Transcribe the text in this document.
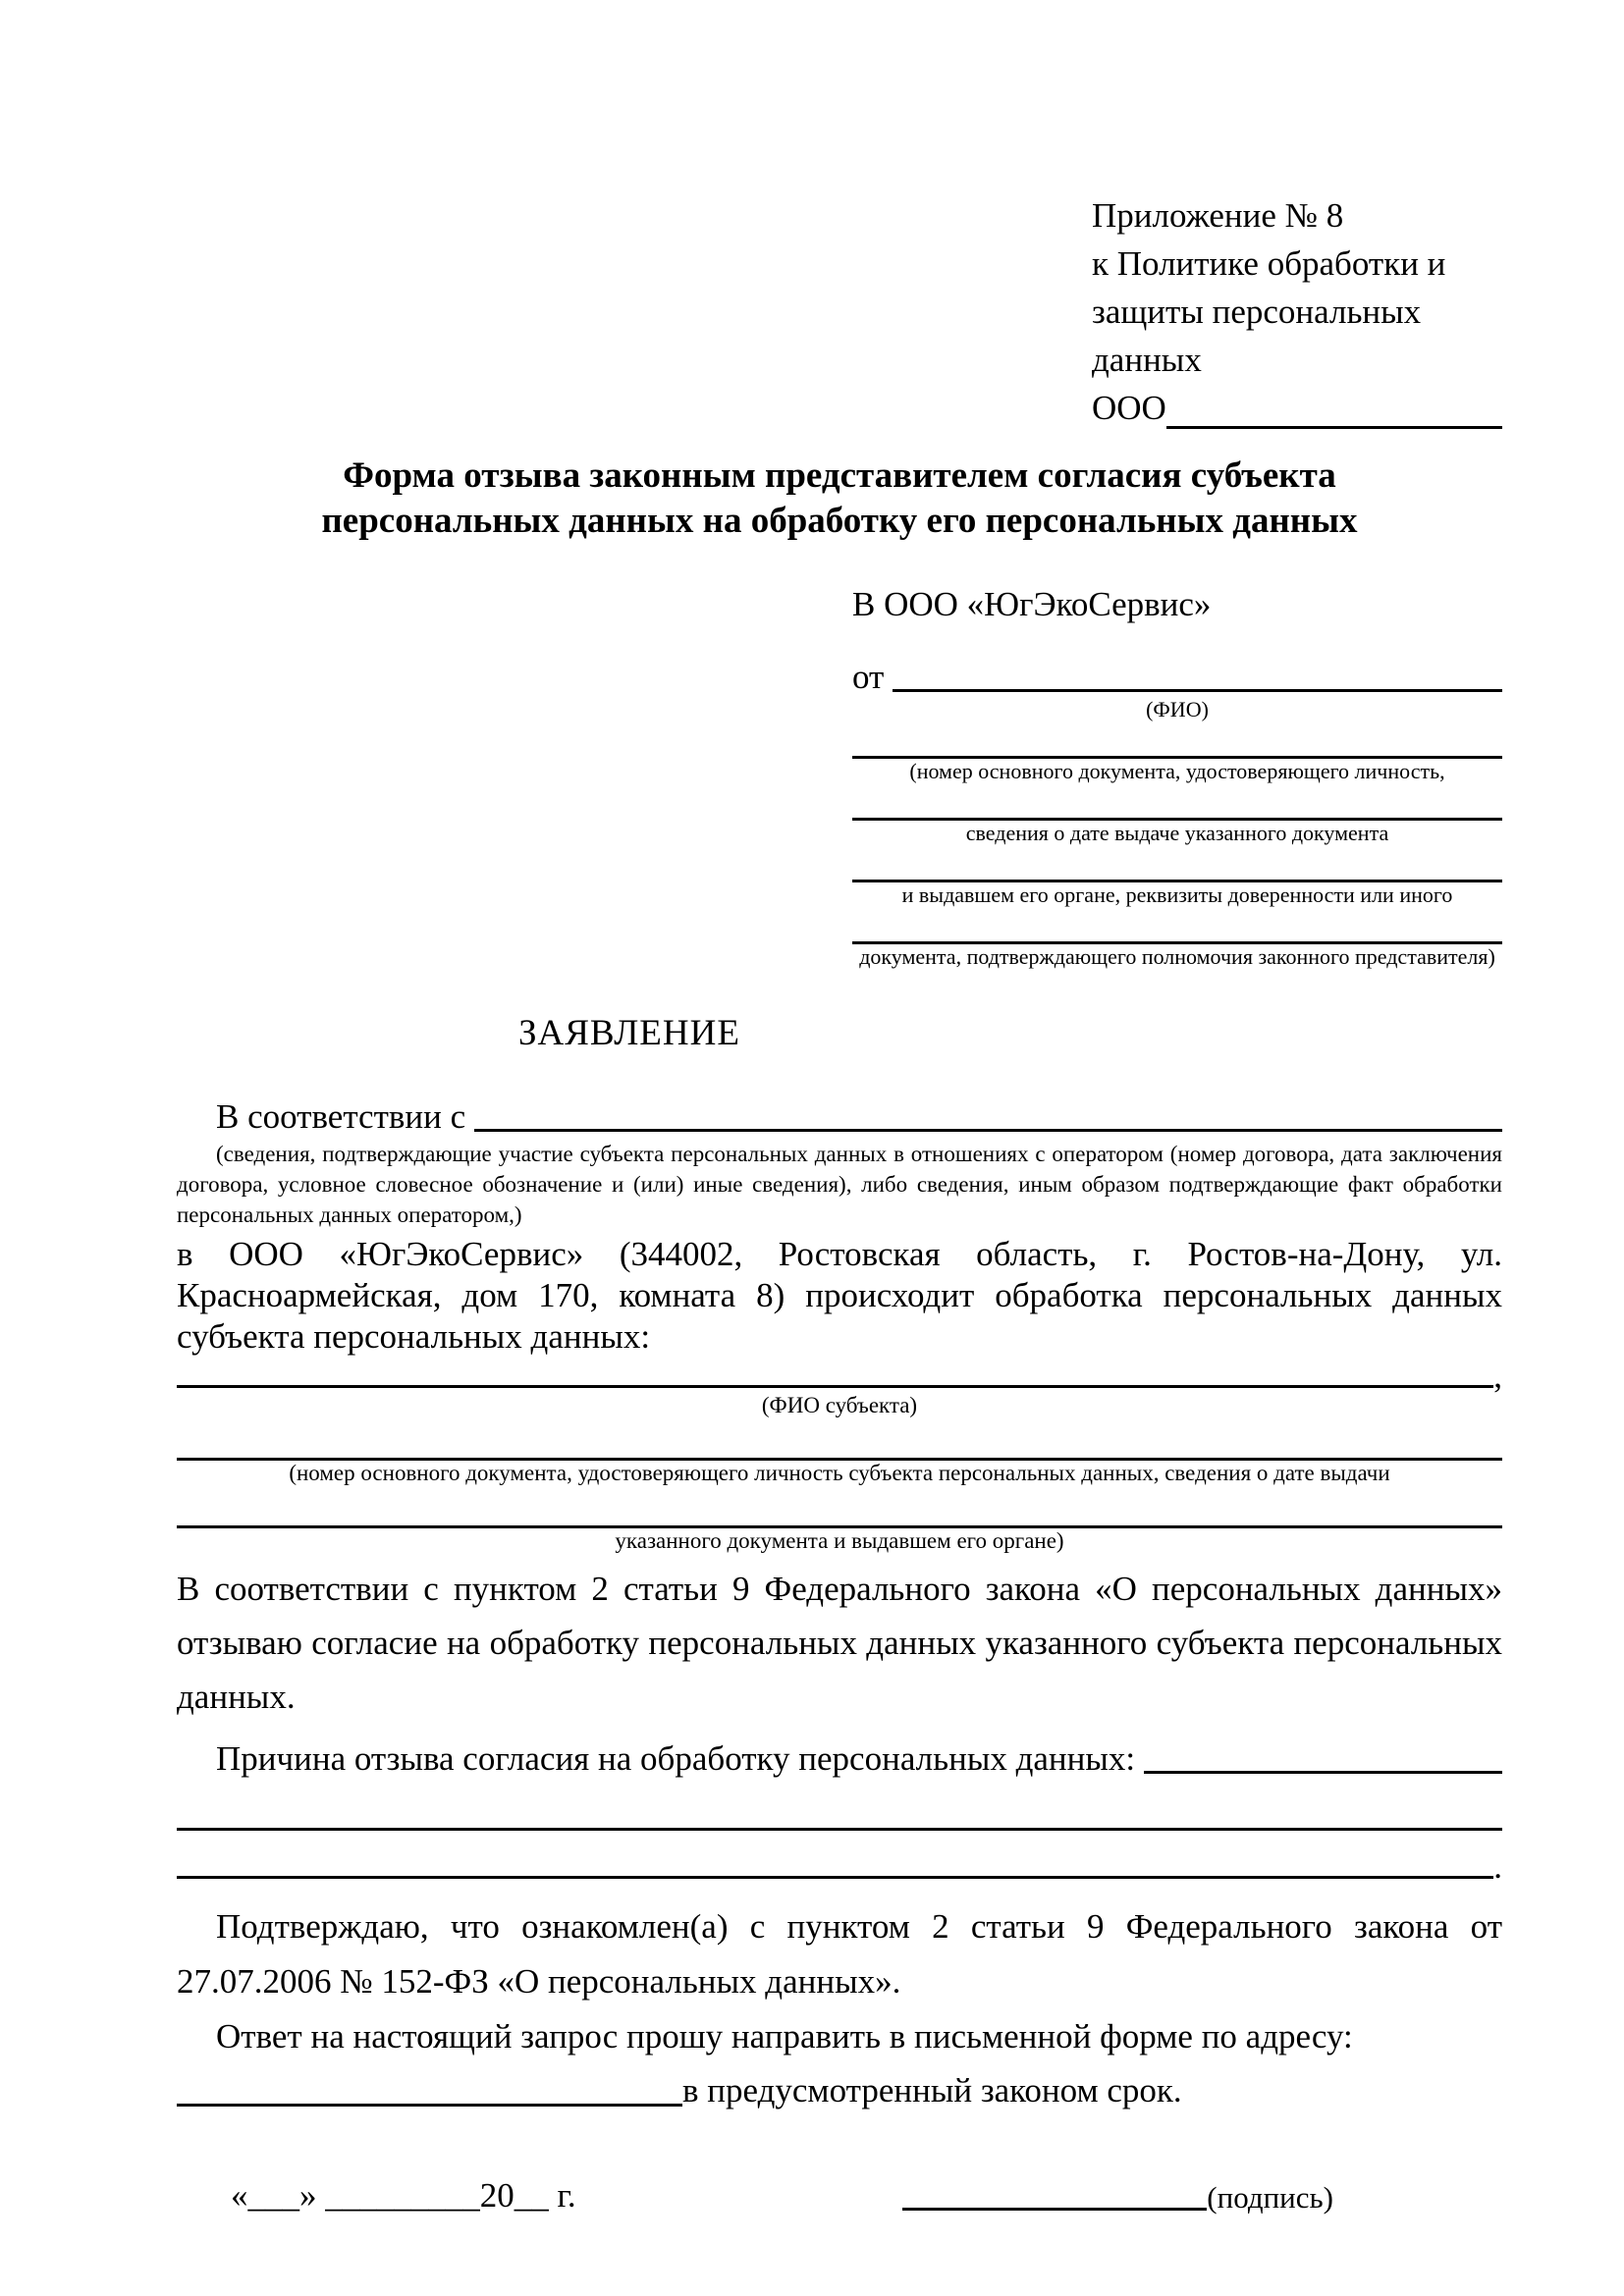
Приложение № 8
к Политике обработки и
защиты персональных данных
ООО
Форма отзыва законным представителем согласия субъекта
персональных данных на обработку его персональных данных
В ООО «ЮгЭкоСервис»
от

(ФИО)
(номер основного документа, удостоверяющего личность,
сведения о дате выдаче указанного документа
и выдавшем его органе, реквизиты доверенности или иного
документа, подтверждающего полномочия законного представителя)
ЗАЯВЛЕНИЕ
В соответствии с

(сведения, подтверждающие участие субъекта персональных данных в отношениях с оператором (номер договора, дата заключения договора, условное словесное обозначение и (или) иные сведения), либо сведения, иным образом подтверждающие факт обработки персональных данных оператором,)
в ООО «ЮгЭкоСервис» (344002, Ростовская область, г. Ростов-на-Дону, ул. Красноармейская, дом 170, комната 8) происходит обработка персональных данных субъекта персональных данных:
,
(ФИО субъекта)
(номер основного документа, удостоверяющего личность субъекта персональных данных, сведения о дате выдачи
указанного документа и выдавшем его органе)
В соответствии с пунктом 2 статьи 9 Федерального закона «О персональных данных» отзываю согласие на обработку персональных данных указанного субъекта персональных данных.
Причина отзыва согласия на обработку персональных данных:

.
Подтверждаю, что ознакомлен(а) с пунктом 2 статьи 9 Федерального закона от 27.07.2006 № 152-ФЗ «О персональных данных».
Ответ на настоящий запрос прошу направить в письменной форме по адресу:
в предусмотренный законом срок.
«___» _________20__ г.	(подпись)
